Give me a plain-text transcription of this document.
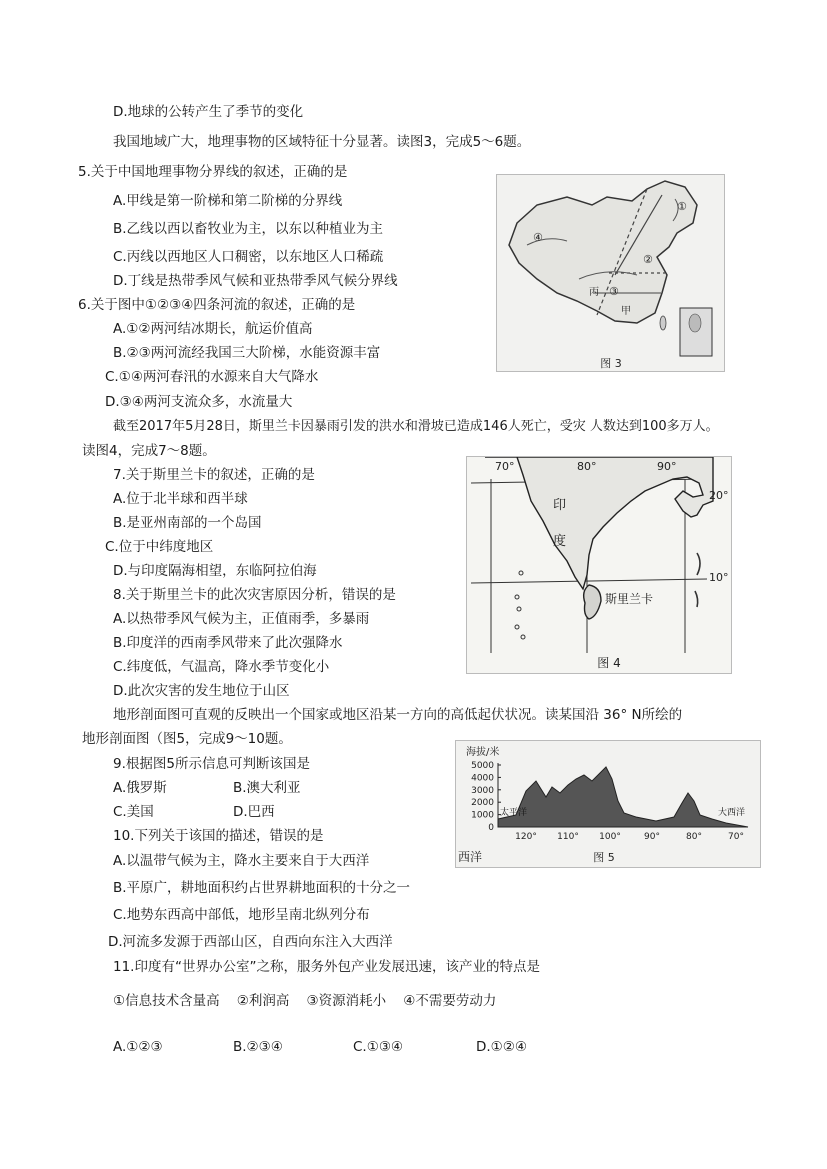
D.地球的公转产生了季节的变化
我国地域广大，地理事物的区域特征十分显著。读图3，完成5～6题。
5.关于中国地理事物分界线的叙述，正确的是
A.甲线是第一阶梯和第二阶梯的分界线
B.乙线以西以畜牧业为主，以东以种植业为主
C.丙线以西地区人口稠密，以东地区人口稀疏
D.丁线是热带季风气候和亚热带季风气候分界线
6.关于图中①②③④四条河流的叙述，正确的是
A.①②两河结冰期长，航运价值高
B.②③两河流经我国三大阶梯，水能资源丰富
C.①④两河春汛的水源来自大气降水
D.③④两河支流众多，水流量大
截至2017年5月28日，斯里兰卡因暴雨引发的洪水和滑坡已造成146人死亡，受灾 人数达到100多万人。
读图4，完成7～8题。
7.关于斯里兰卡的叙述，正确的是
A.位于北半球和西半球
B.是亚州南部的一个岛国
C.位于中纬度地区
D.与印度隔海相望，东临阿拉伯海
8.关于斯里兰卡的此次灾害原因分析，错误的是
A.以热带季风气候为主，正值雨季，多暴雨
B.印度洋的西南季风带来了此次强降水
C.纬度低，气温高，降水季节变化小
D.此次灾害的发生地位于山区
地形剖面图可直观的反映出一个国家或地区沿某一方向的高低起伏状况。读某国沿 36° N所绘的
地形剖面图（图5，完成9～10题。
9.根据图5所示信息可判断该国是
A.俄罗斯	B.澳大利亚
C.美国	D.巴西
10.下列关于该国的描述，错误的是
A.以温带气候为主，降水主要来自于大西洋
B.平原广，耕地面积约占世界耕地面积的十分之一
C.地势东西高中部低，地形呈南北纵列分布
D.河流多发源于西部山区，自西向东注入大西洋
11.印度有“世界办公室”之称，服务外包产业发展迅速，该产业的特点是
①信息技术含量高    ②利润高    ③资源消耗小    ④不需要劳动力
A.①②③	B.②③④	C.①③④	D.①②④
①
④
②
③
丙
甲
图 3
70°	80°	90°
20°
10°
印
度
斯里兰卡
图 4
海拔/米
5000
4000
3000
2000
1000
0
120° 110° 100°	90°	80°	70°
太平洋	大西洋
西洋	图 5
